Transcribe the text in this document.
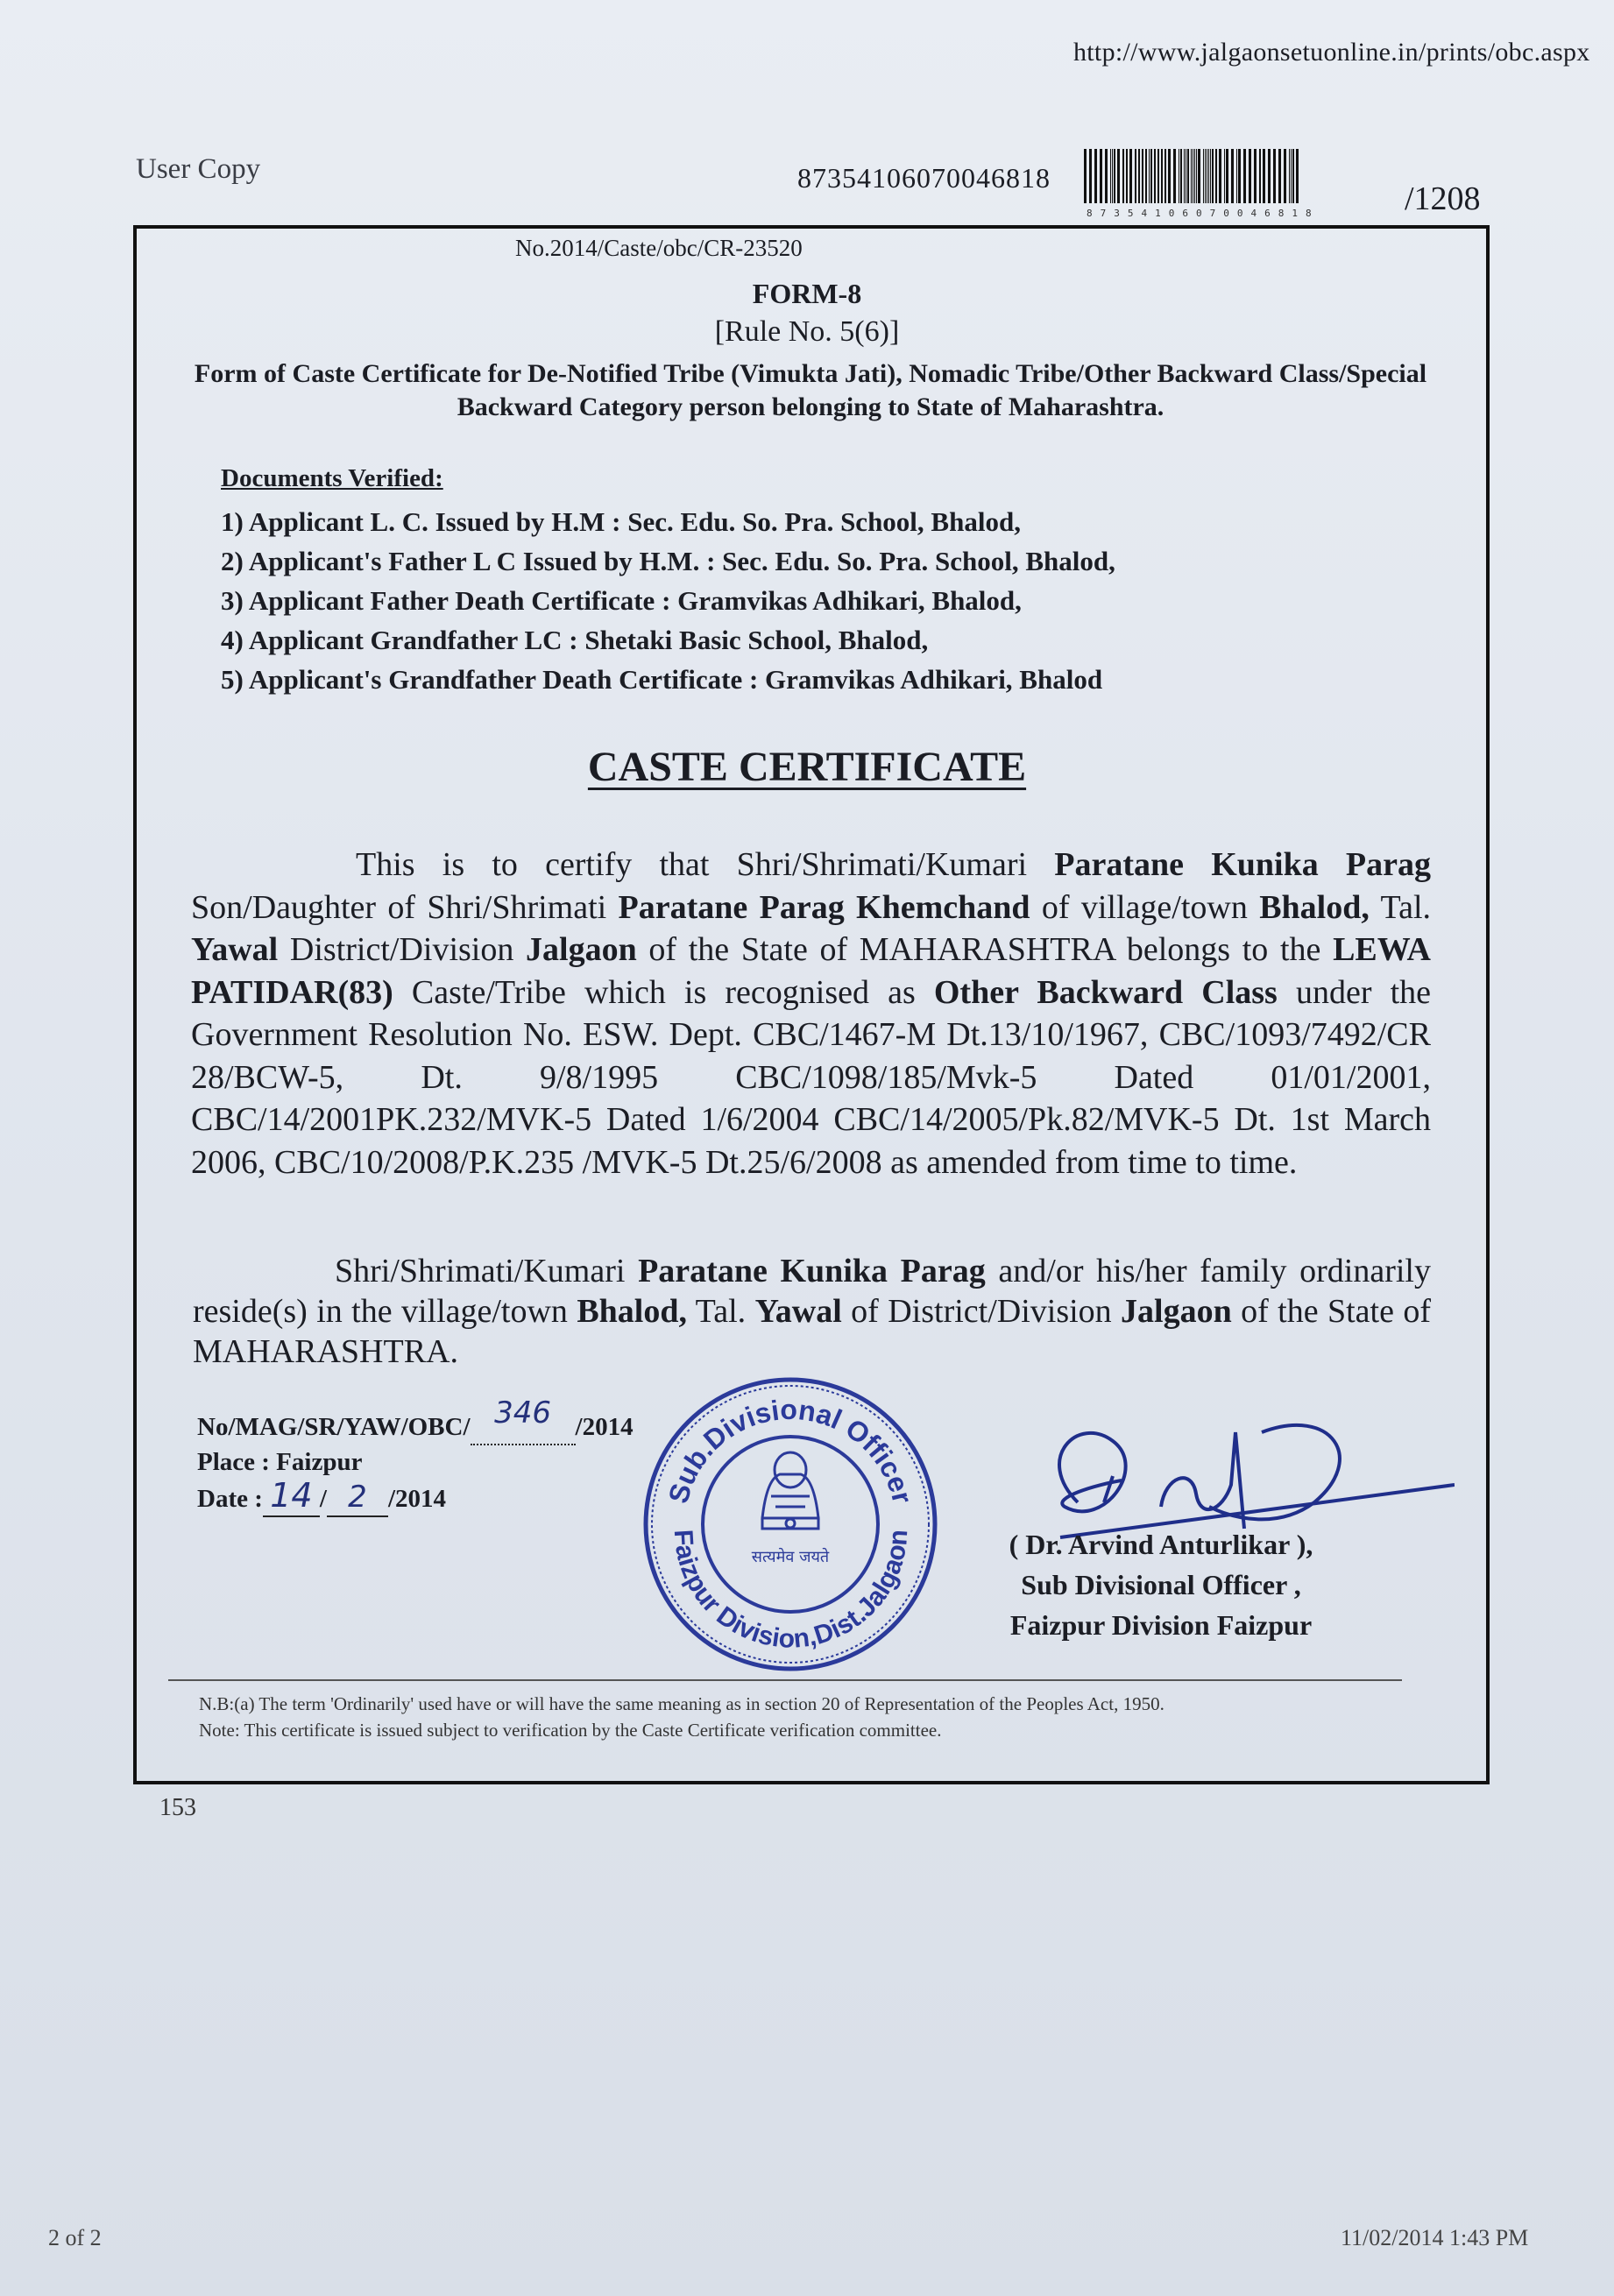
http://www.jalgaonsetuonline.in/prints/obc.aspx
User Copy	87354106070046818
87354106070046818	/1208
No.2014/Caste/obc/CR-23520
FORM-8
[Rule No. 5(6)]
Form of Caste Certificate for De-Notified Tribe (Vimukta Jati), Nomadic Tribe/Other Backward Class/Special Backward Category person belonging to State of Maharashtra.
Documents Verified:
1) Applicant L. C. Issued by H.M : Sec. Edu. So. Pra. School, Bhalod,
2) Applicant's Father L C Issued by H.M. : Sec. Edu. So. Pra. School, Bhalod,
3) Applicant Father Death Certificate : Gramvikas Adhikari, Bhalod,
4) Applicant Grandfather LC : Shetaki Basic School, Bhalod,
5) Applicant's Grandfather Death Certificate : Gramvikas Adhikari, Bhalod
CASTE CERTIFICATE
This is to certify that Shri/Shrimati/Kumari Paratane Kunika Parag Son/Daughter of Shri/Shrimati Paratane Parag Khemchand of village/town Bhalod, Tal. Yawal District/Division Jalgaon of the State of MAHARASHTRA belongs to the LEWA PATIDAR(83) Caste/Tribe which is recognised as Other Backward Class under the Government Resolution No. ESW. Dept. CBC/1467-M Dt.13/10/1967, CBC/1093/7492/CR 28/BCW-5, Dt. 9/8/1995 CBC/1098/185/Mvk-5 Dated 01/01/2001, CBC/14/2001PK.232/MVK-5 Dated 1/6/2004 CBC/14/2005/Pk.82/MVK-5 Dt. 1st March 2006, CBC/10/2008/P.K.235 /MVK-5 Dt.25/6/2008 as amended from time to time.
Shri/Shrimati/Kumari Paratane Kunika Parag and/or his/her family ordinarily reside(s) in the village/town Bhalod, Tal. Yawal of District/Division Jalgaon of the State of MAHARASHTRA.
No/MAG/SR/YAW/OBC/ 346 /2014
Place : Faizpur
Date : 14 / 2 /2014	Sub.Divisional Officer
Faizpur Division,Dist.Jalgaon
सत्यमेव जयते	( Dr. Arvind Anturlikar ),
Sub Divisional Officer ,
Faizpur Division Faizpur
N.B:(a) The term 'Ordinarily' used have or will have the same meaning as in section 20 of Representation of the Peoples Act, 1950.
Note: This certificate is issued subject to verification by the Caste Certificate verification committee.
153
2 of 2	11/02/2014 1:43 PM
